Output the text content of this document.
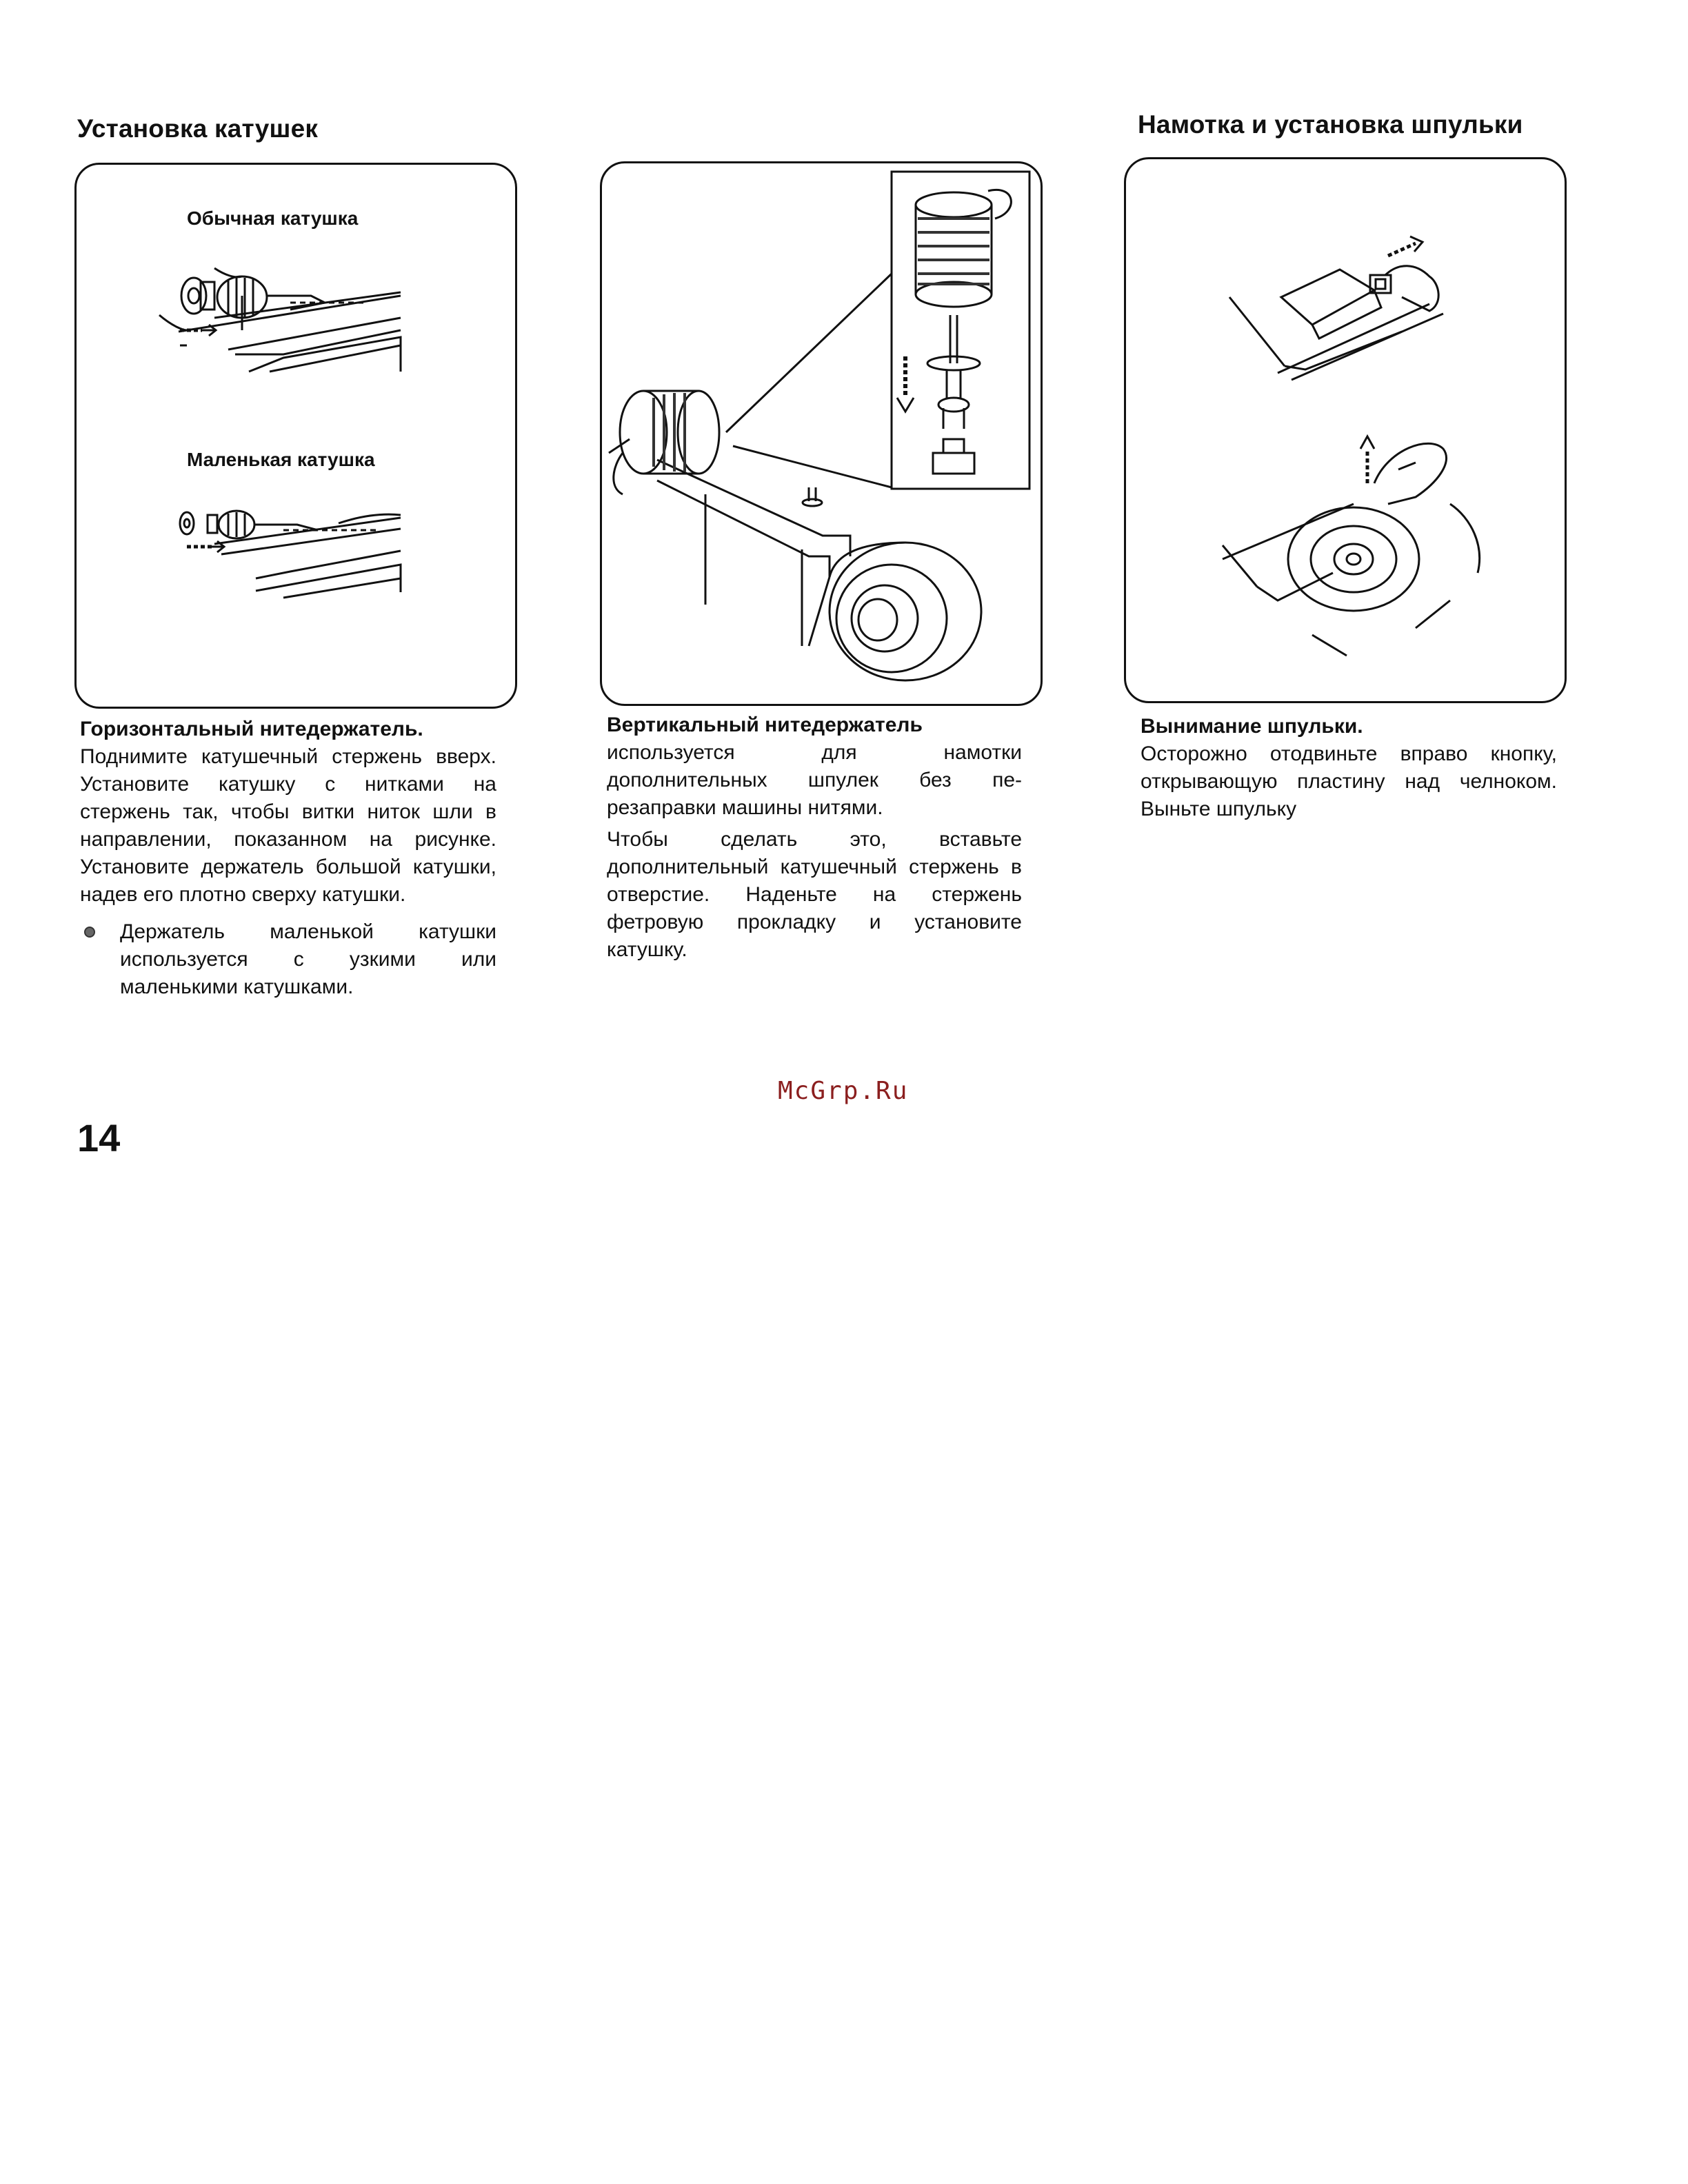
Установка катушек	Намотка и установка шпульки
Обычная катушка
Маленькая катушка
Горизонтальный нитедержатель.

Поднимите катушечный стержень вверх. Установите катушку с нитками на стержень так, чтобы витки ниток шли в направлении, показанном на рисунке. Установите держатель большой катушки, надев его плотно сверху катушки.

Держатель маленькой катушки используется с узкими или маленькими катушками.
Вертикальный нитедержатель

используется для намотки дополнительных шпулек без пе-резаправки машины нитями.

Чтобы сделать это, вставьте дополнительный катушечный стержень в отверстие. Наденьте на стержень фетровую прокладку и установите катушку.

Вынимание шпульки.

Осторожно отодвиньте вправо кнопку, открывающую пластину над челноком. Выньте шпульку

McGrp.Ru
14
